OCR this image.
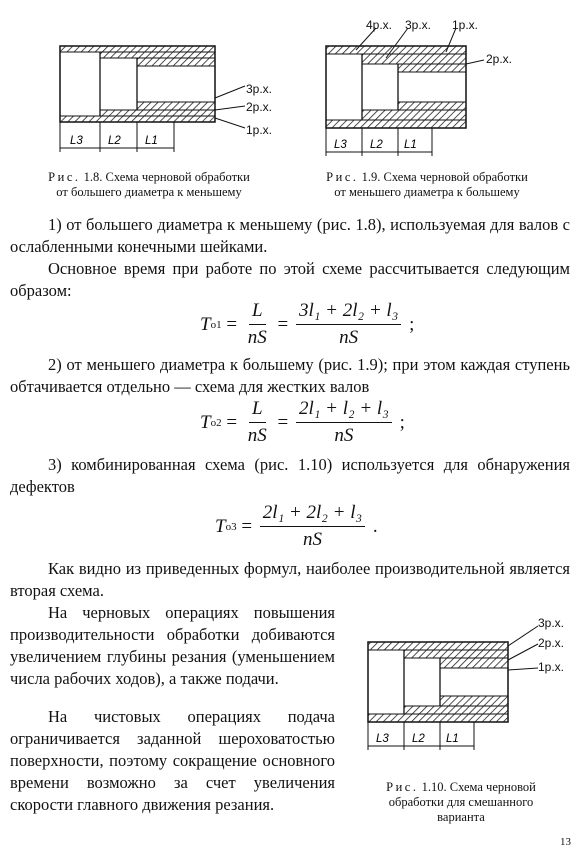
L3 L2 L1
3р.х.
2р.х.
1р.х.
Рис. 1.8. Схема черновой обработки
от большего диаметра к меньшему
L3 L2 L1
4р.х. 3р.х. 1р.х.
2р.х.
Рис. 1.9. Схема черновой обработки
от меньшего диаметра к большему

1) от большего диаметра к меньшему (рис. 1.8), используемая для валов с ослабленными конечными шейками.

Основное время при работе по этой схеме рассчитывается следующим образом:

T $о1 = \frac{L}{nS} = \frac{\text{3l₁ + 2l₂ + l₃}}{nS}$
;

2) от меньшего диаметра к большему (рис. 1.9); при этом каждая ступень обтачивается отдельно — схема для жестких валов

T $о2 = \frac{L}{nS} = \frac{\text{2l₁ + l₂ + l₃}}{nS}$
;

3) комбинированная схема (рис. 1.10) используется для обнаружения дефектов

T $о3 = \frac{\text{2l₁ + 2l₂ + l₃}}{nS}$
.

Как видно из приведенных формул, наиболее производительной является вторая схема.

На черновых операциях повышения производительности обработки добиваются увеличением глубины резания (уменьшением числа рабочих ходов), а также подачи.

На чистовых операциях подача ограничивается заданной шероховатостью поверхности, поэтому сокращение основного времени возможно за счет увеличения скорости главного движения резания.

L3 L2 L1
3р.х.
2р.х.
1р.х.
Рис. 1.10. Схема черновой
обработки для смешанного
варианта
13
